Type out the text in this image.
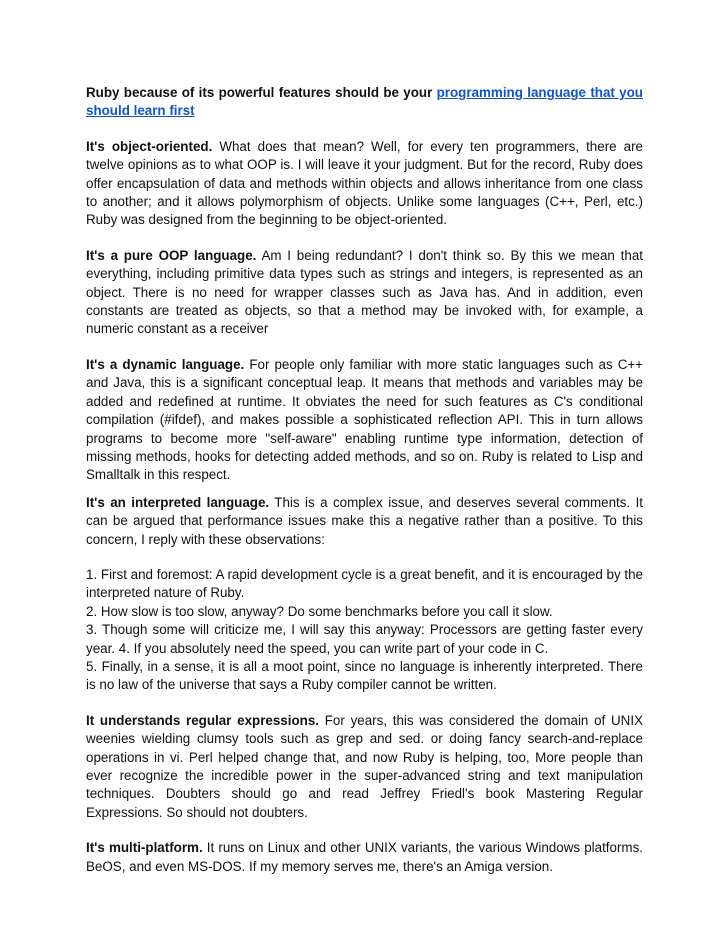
Ruby because of its powerful features should be your programming language that you should learn first

It's object-oriented. What does that mean? Well, for every ten programmers, there are twelve opinions as to what OOP is. I will leave it your judgment. But for the record, Ruby does offer encapsulation of data and methods within objects and allows inheritance from one class to another; and it allows polymorphism of objects. Unlike some languages (C++, Perl, etc.) Ruby was designed from the beginning to be object-oriented.

It's a pure OOP language. Am I being redundant? I don't think so. By this we mean that everything, including primitive data types such as strings and integers, is represented as an object. There is no need for wrapper classes such as Java has. And in addition, even constants are treated as objects, so that a method may be invoked with, for example, a numeric constant as a receiver

It's a dynamic language. For people only familiar with more static languages such as C++ and Java, this is a significant conceptual leap. It means that methods and variables may be added and redefined at runtime. It obviates the need for such features as C's conditional compilation (#ifdef), and makes possible a sophisticated reflection API. This in turn allows programs to become more "self-aware" enabling runtime type information, detection of missing methods, hooks for detecting added methods, and so on. Ruby is related to Lisp and Smalltalk in this respect.

It's an interpreted language. This is a complex issue, and deserves several comments. It can be argued that performance issues make this a negative rather than a positive. To this concern, I reply with these observations:

1. First and foremost: A rapid development cycle is a great benefit, and it is encouraged by the interpreted nature of Ruby.

2. How slow is too slow, anyway? Do some benchmarks before you call it slow.

3. Though some will criticize me, I will say this anyway: Processors are getting faster every year. 4. If you absolutely need the speed, you can write part of your code in C.

5. Finally, in a sense, it is all a moot point, since no language is inherently interpreted. There is no law of the universe that says a Ruby compiler cannot be written.

It understands regular expressions. For years, this was considered the domain of UNIX weenies wielding clumsy tools such as grep and sed. or doing fancy search-and-replace operations in vi. Perl helped change that, and now Ruby is helping, too, More people than ever recognize the incredible power in the super-advanced string and text manipulation techniques. Doubters should go and read Jeffrey Friedl's book Mastering Regular Expressions. So should not doubters.

It's multi-platform. It runs on Linux and other UNIX variants, the various Windows platforms. BeOS, and even MS-DOS. If my memory serves me, there's an Amiga version.
